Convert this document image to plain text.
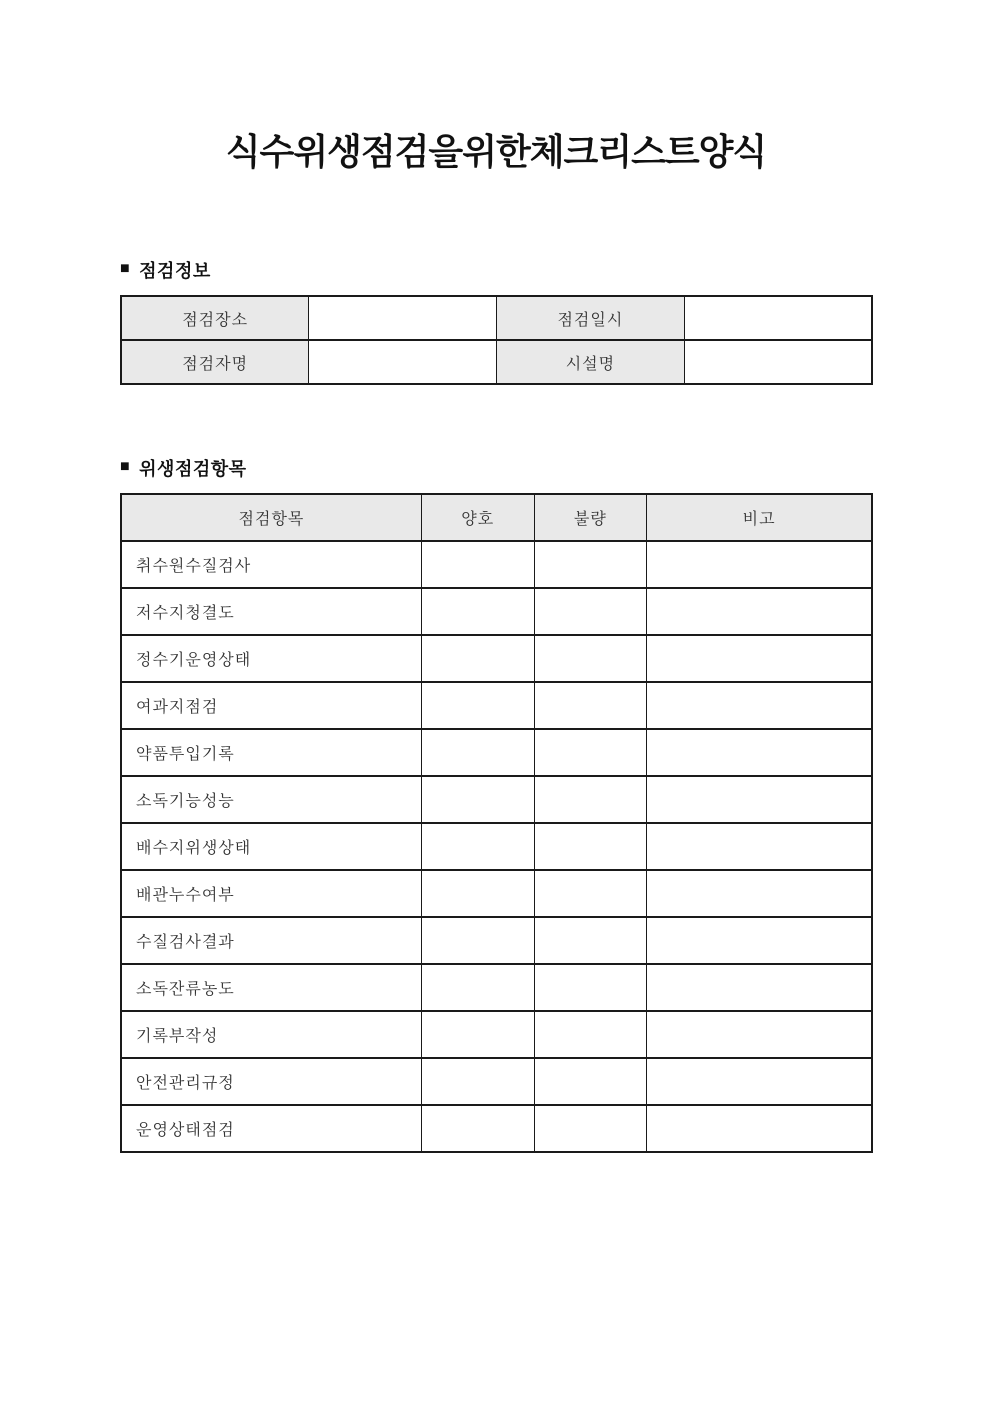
식수위생점검을위한체크리스트양식
■ 점검정보
점검장소		점검일시	
점검자명		시설명	
■ 위생점검항목
점검항목	양호	불량	비고
취수원수질검사			
저수지청결도			
정수기운영상태			
여과지점검			
약품투입기록			
소독기능성능			
배수지위생상태			
배관누수여부			
수질검사결과			
소독잔류농도			
기록부작성			
안전관리규정			
운영상태점검			
